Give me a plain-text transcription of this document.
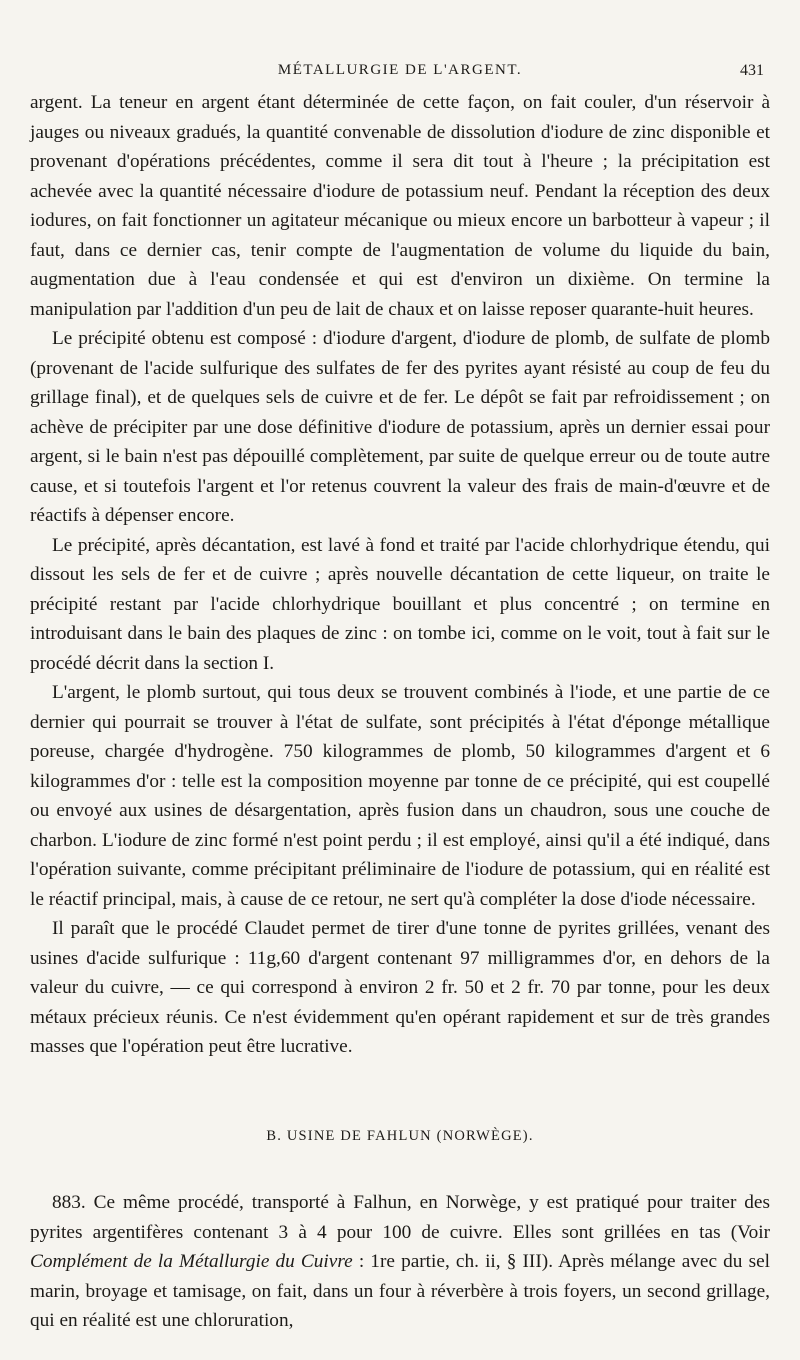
MÉTALLURGIE DE L'ARGENT.	431

argent. La teneur en argent étant déterminée de cette façon, on fait couler, d'un réservoir à jauges ou niveaux gradués, la quantité convenable de dissolution d'iodure de zinc disponible et provenant d'opérations précédentes, comme il sera dit tout à l'heure ; la précipitation est achevée avec la quantité nécessaire d'iodure de potassium neuf. Pendant la réception des deux iodures, on fait fonctionner un agitateur mécanique ou mieux encore un barbotteur à vapeur ; il faut, dans ce dernier cas, tenir compte de l'augmentation de volume du liquide du bain, augmentation due à l'eau condensée et qui est d'environ un dixième. On termine la manipulation par l'addition d'un peu de lait de chaux et on laisse reposer quarante-huit heures.

Le précipité obtenu est composé : d'iodure d'argent, d'iodure de plomb, de sulfate de plomb (provenant de l'acide sulfurique des sulfates de fer des pyrites ayant résisté au coup de feu du grillage final), et de quelques sels de cuivre et de fer. Le dépôt se fait par refroidissement ; on achève de précipiter par une dose définitive d'iodure de potassium, après un dernier essai pour argent, si le bain n'est pas dépouillé complètement, par suite de quelque erreur ou de toute autre cause, et si toutefois l'argent et l'or retenus couvrent la valeur des frais de main-d'œuvre et de réactifs à dépenser encore.

Le précipité, après décantation, est lavé à fond et traité par l'acide chlorhydrique étendu, qui dissout les sels de fer et de cuivre ; après nouvelle décantation de cette liqueur, on traite le précipité restant par l'acide chlorhydrique bouillant et plus concentré ; on termine en introduisant dans le bain des plaques de zinc : on tombe ici, comme on le voit, tout à fait sur le procédé décrit dans la section I.

L'argent, le plomb surtout, qui tous deux se trouvent combinés à l'iode, et une partie de ce dernier qui pourrait se trouver à l'état de sulfate, sont précipités à l'état d'éponge métallique poreuse, chargée d'hydrogène. 750 kilogrammes de plomb, 50 kilogrammes d'argent et 6 kilogrammes d'or : telle est la composition moyenne par tonne de ce précipité, qui est coupellé ou envoyé aux usines de désargentation, après fusion dans un chaudron, sous une couche de charbon. L'iodure de zinc formé n'est point perdu ; il est employé, ainsi qu'il a été indiqué, dans l'opération suivante, comme précipitant préliminaire de l'iodure de potassium, qui en réalité est le réactif principal, mais, à cause de ce retour, ne sert qu'à compléter la dose d'iode nécessaire.

Il paraît que le procédé Claudet permet de tirer d'une tonne de pyrites grillées, venant des usines d'acide sulfurique : 11g,60 d'argent contenant 97 milligrammes d'or, en dehors de la valeur du cuivre, — ce qui correspond à environ 2 fr. 50 et 2 fr. 70 par tonne, pour les deux métaux précieux réunis. Ce n'est évidemment qu'en opérant rapidement et sur de très grandes masses que l'opération peut être lucrative.

B. USINE DE FAHLUN (NORWÈGE).

883. Ce même procédé, transporté à Falhun, en Norwège, y est pratiqué pour traiter des pyrites argentifères contenant 3 à 4 pour 100 de cuivre. Elles sont grillées en tas (Voir Complément de la Métallurgie du Cuivre : 1re partie, ch. ii, § III). Après mélange avec du sel marin, broyage et tamisage, on fait, dans un four à réverbère à trois foyers, un second grillage, qui en réalité est une chloruration,
